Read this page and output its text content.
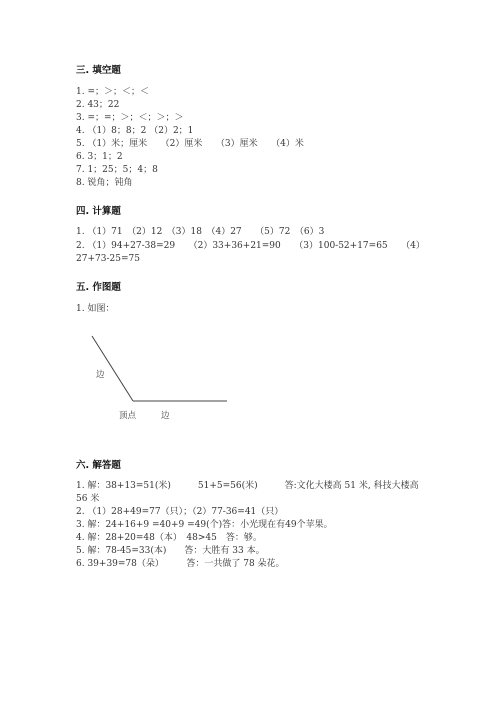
三. 填空题
1. =；＞；＜；＜
2. 43；22
3. =；=；＞；＜；＞；＞
4. （1）8；8；2 （2）2；1
5. （1）米；厘米　　（2）厘米　　（3）厘米　　（4）米
6. 3；1；2
7. 1；25；5；4；8
8. 锐角；钝角
四. 计算题
1. （1）71　（2）12　（3）18　（4）27　　（5）72　（6）3
2. （1）94+27-38=29　　（2）33+36+21=90　　（3）100-52+17=65　　（4）
27+73-25=75
五. 作图题
1. 如图：
边
顶点	边
六. 解答题
1. 解：38+13=51(米)　　　51+5=56(米)　　　答:文化大楼高 51 米, 科技大楼高
56 米
2. （1）28+49=77（只）；（2）77-36=41（只）
3. 解：24+16+9 =40+9 =49(个)答：小光现在有49个苹果。
4. 解：28+20=48（本）　48>45　答：够。
5. 解：78-45=33(本)　　答：大胜有 33 本。
6. 39+39=78（朵）　　　答：一共做了 78 朵花。
